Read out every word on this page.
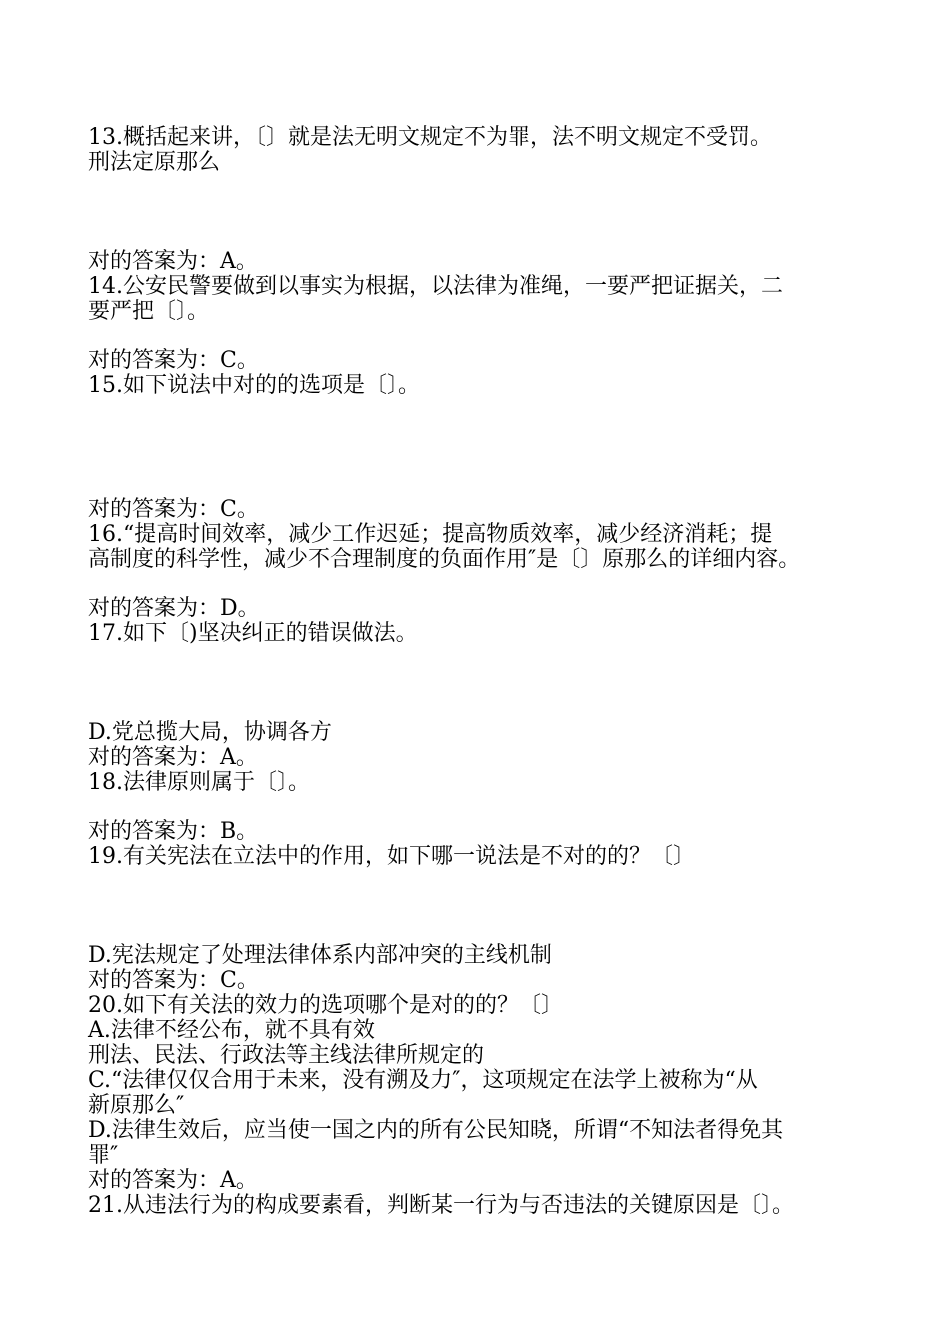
13.概括起来讲，〔〕就是法无明文规定不为罪，法不明文规定不受罚。
刑法定原那么
对的答案为：A。
14.公安民警要做到以事实为根据，以法律为准绳，一要严把证据关，二
要严把〔〕。
对的答案为：C。
15.如下说法中对的的选项是〔〕。
对的答案为：C。
16.“提高时间效率，减少工作迟延；提高物质效率，减少经济消耗；提
高制度的科学性，减少不合理制度的负面作用″是〔〕原那么的详细内容。
对的答案为：D。
17.如下〔)坚决纠正的错误做法。
D.党总揽大局，协调各方
对的答案为：A。
18.法律原则属于〔〕。
对的答案为：B。
19.有关宪法在立法中的作用，如下哪一说法是不对的的？〔〕
D.宪法规定了处理法律体系内部冲突的主线机制
对的答案为：C。
20.如下有关法的效力的选项哪个是对的的？〔〕
A.法律不经公布，就不具有效
刑法、民法、行政法等主线法律所规定的
C.“法律仅仅合用于未来，没有溯及力″，这项规定在法学上被称为“从
新原那么″
D.法律生效后，应当使一国之内的所有公民知晓，所谓“不知法者得免其
罪″
对的答案为：A。
21.从违法行为的构成要素看，判断某一行为与否违法的关键原因是〔〕。
